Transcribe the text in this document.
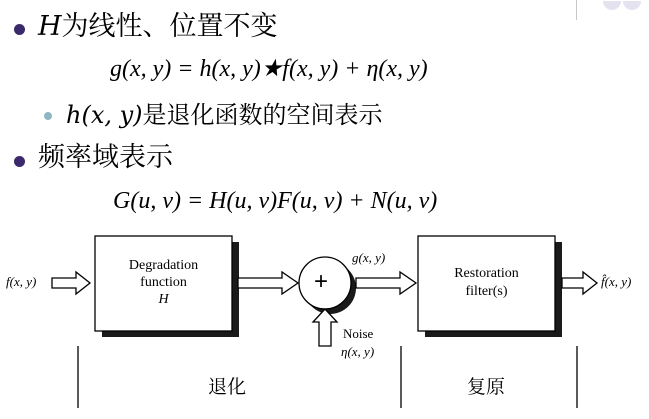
H为线性、位置不变
g(x, y) = h(x, y)★f(x, y) + η(x, y)
h(x, y)是退化函数的空间表示
频率域表示
G(u, v) = H(u, v)F(u, v) + N(u, v)
f(x, y)
Degradation
function
H
+
g(x, y)
Noise
η(x, y)
Restoration
filter(s)
f̂(x, y)
退化	复原
